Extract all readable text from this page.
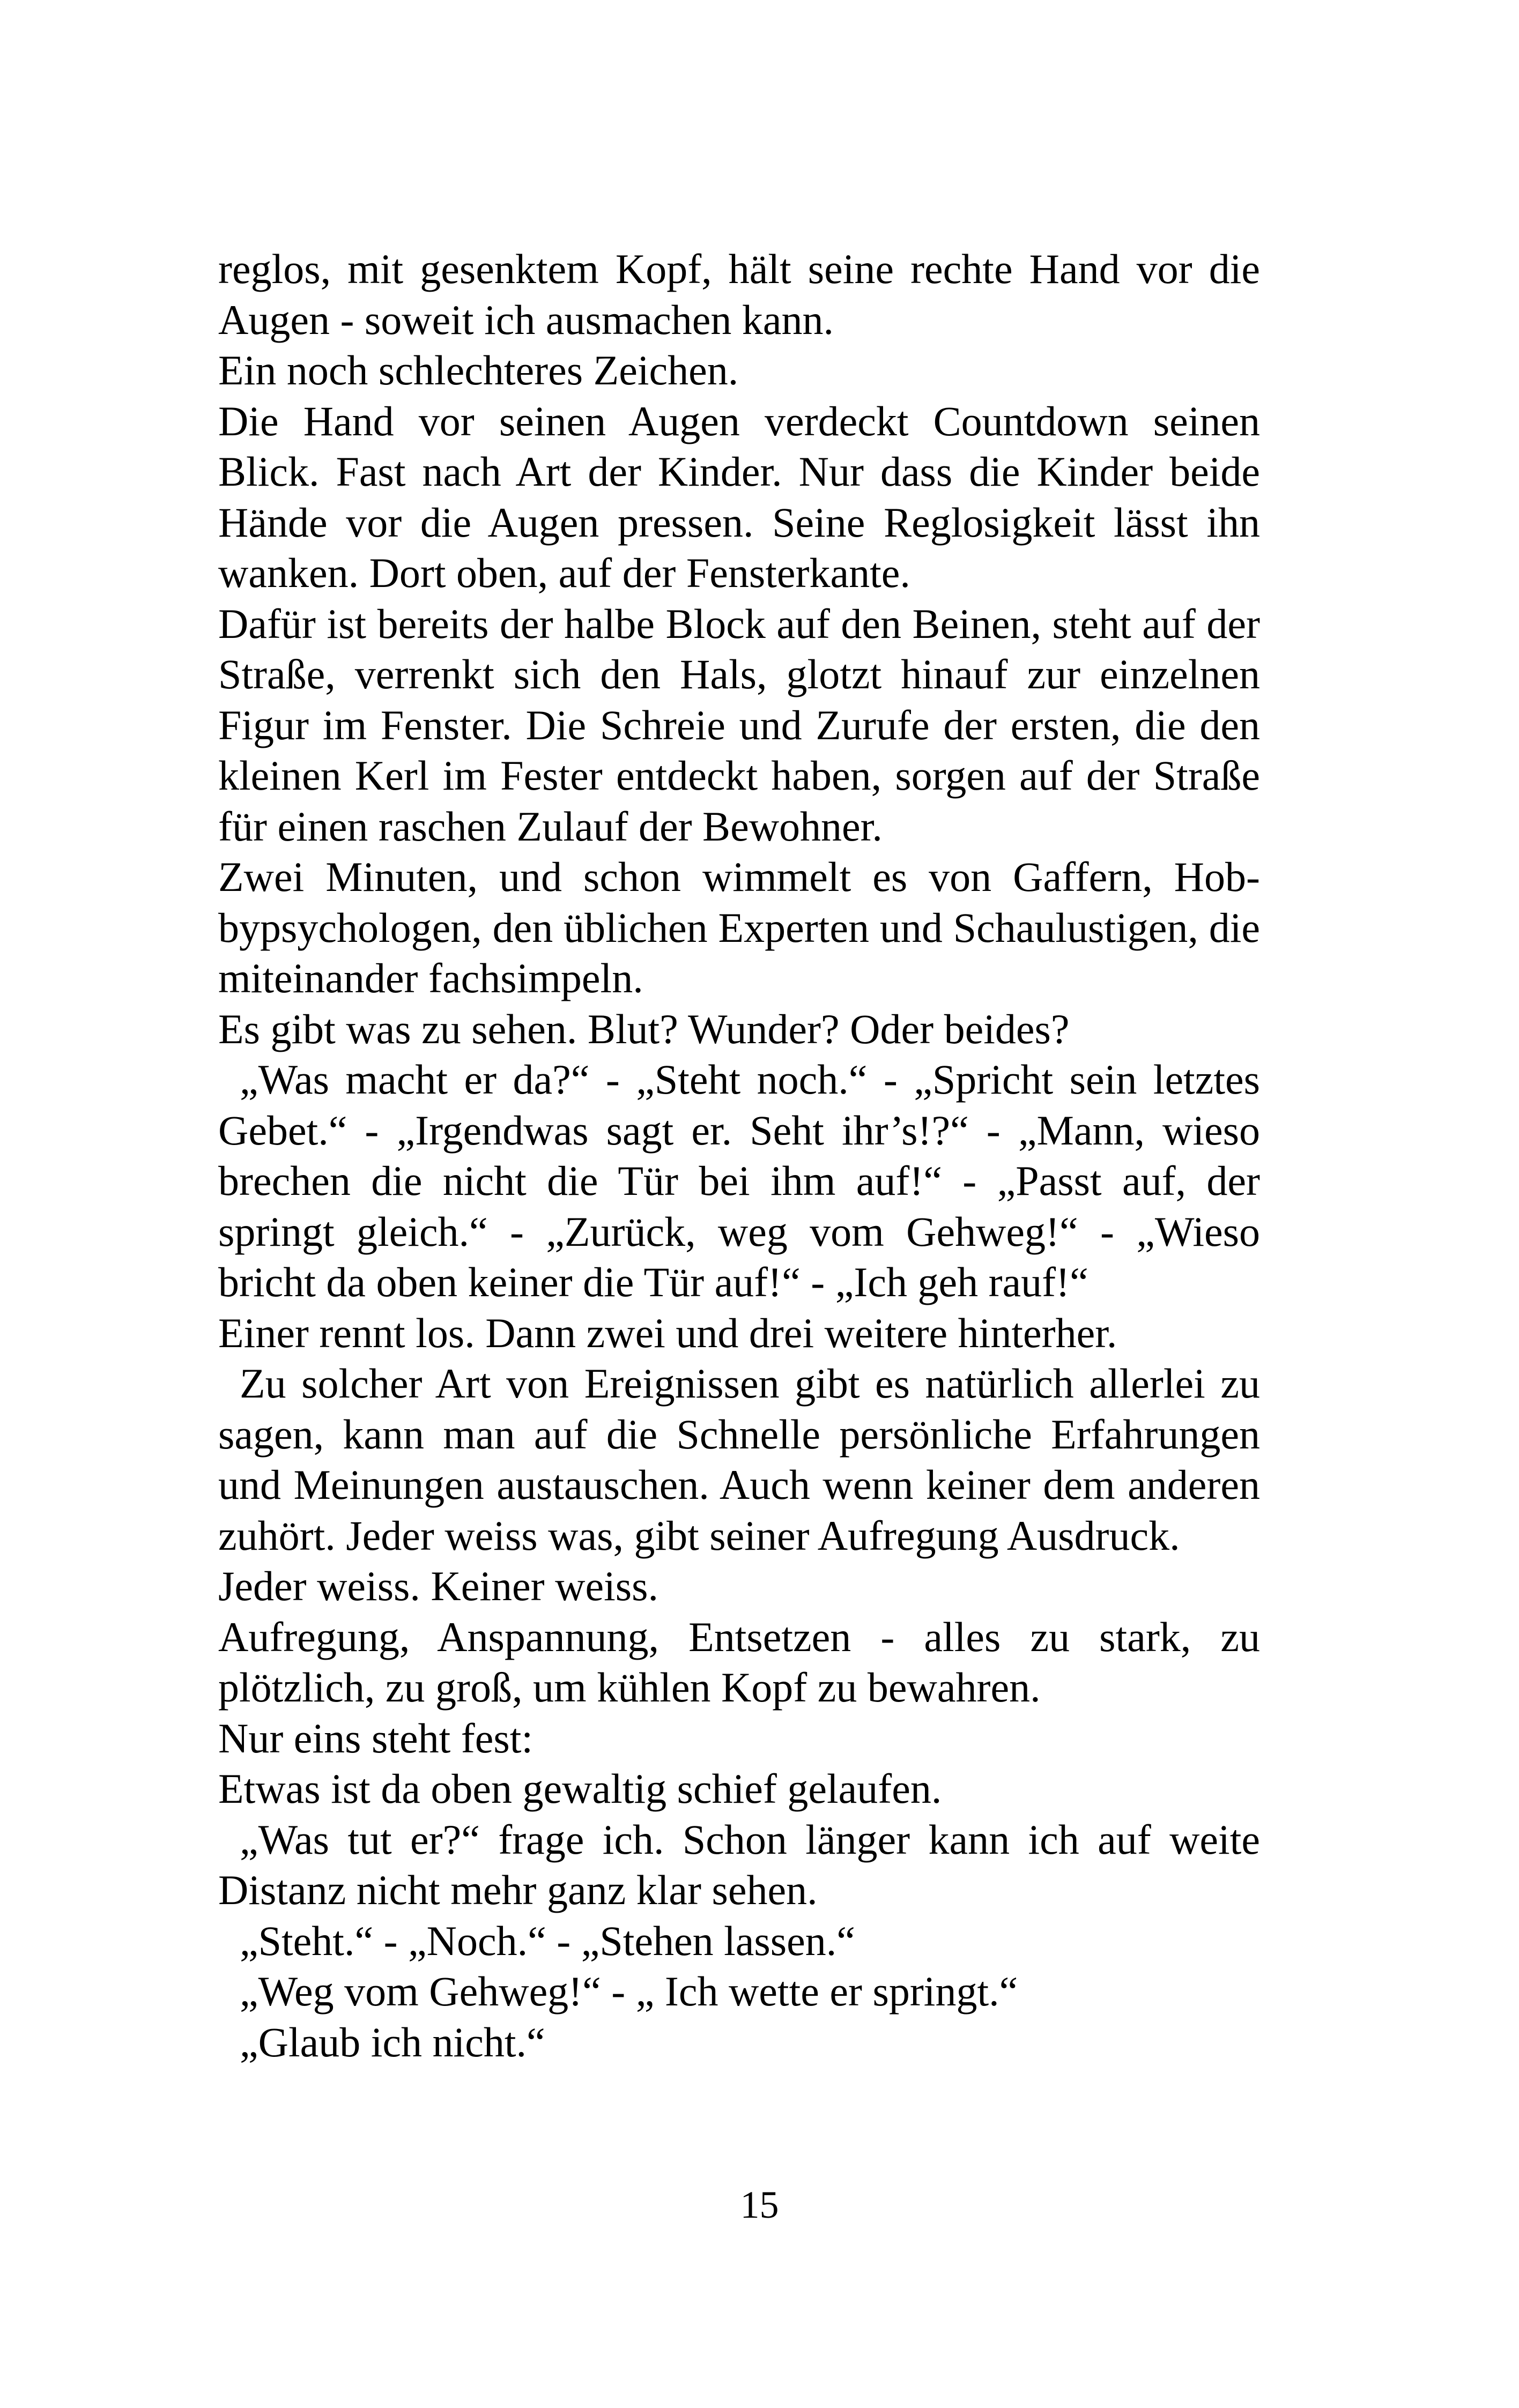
reglos, mit gesenktem Kopf, hält seine rechte Hand vor die Augen - soweit ich ausmachen kann.

Ein noch schlechteres Zeichen.

Die Hand vor seinen Augen verdeckt Countdown seinen Blick. Fast nach Art der Kinder. Nur dass die Kinder beide Hände vor die Augen pressen. Seine Reglosigkeit lässt ihn wanken. Dort oben, auf der Fensterkante.

Dafür ist bereits der halbe Block auf den Beinen, steht auf der Straße, verrenkt sich den Hals, glotzt hinauf zur einzelnen Figur im Fenster. Die Schreie und Zurufe der ersten, die den kleinen Kerl im Fester entdeckt haben, sorgen auf der Straße für einen raschen Zulauf der Bewohner.

Zwei Minuten, und schon wimmelt es von Gaffern, Hobbypsychologen, den üblichen Experten und Schaulustigen, die miteinander fachsimpeln.

Es gibt was zu sehen. Blut? Wunder? Oder beides?

„Was macht er da?“ - „Steht noch.“ - „Spricht sein letztes Gebet.“ - „Irgendwas sagt er. Seht ihr’s!?“ - „Mann, wieso brechen die nicht die Tür bei ihm auf!“ - „Passt auf, der springt gleich.“ - „Zurück, weg vom Gehweg!“ - „Wieso bricht da oben keiner die Tür auf!“ - „Ich geh rauf!“

Einer rennt los. Dann zwei und drei weitere hinterher.

Zu solcher Art von Ereignissen gibt es natürlich allerlei zu sagen, kann man auf die Schnelle persönliche Erfahrungen und Meinungen austauschen. Auch wenn keiner dem anderen zuhört. Jeder weiss was, gibt seiner Aufregung Ausdruck.

Jeder weiss. Keiner weiss.

Aufregung, Anspannung, Entsetzen - alles zu stark, zu plötzlich, zu groß, um kühlen Kopf zu bewahren.

Nur eins steht fest:

Etwas ist da oben gewaltig schief gelaufen.

„Was tut er?“ frage ich. Schon länger kann ich auf weite Distanz nicht mehr ganz klar sehen.

„Steht.“ - „Noch.“ - „Stehen lassen.“

„Weg vom Gehweg!“ - „ Ich wette er springt.“

„Glaub ich nicht.“

15
